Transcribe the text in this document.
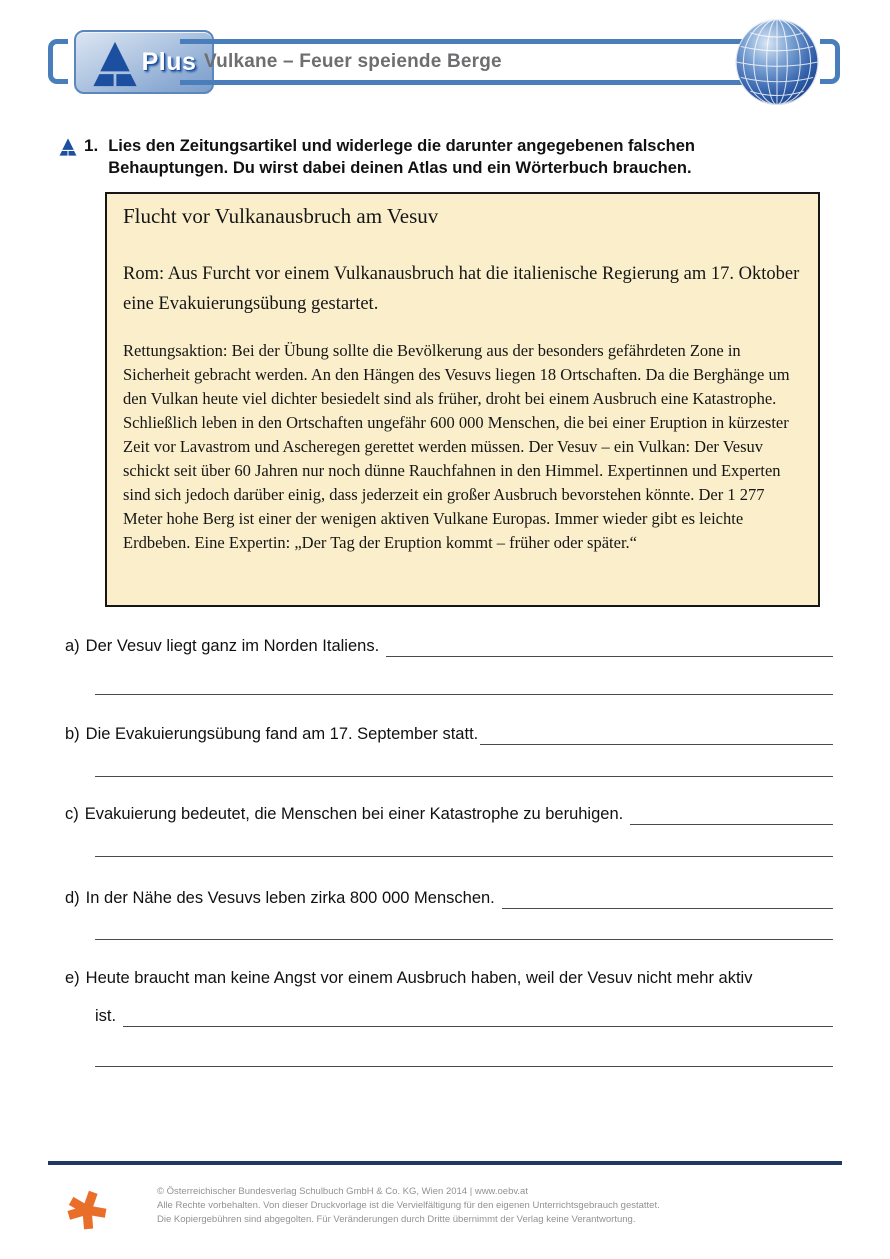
Plus Vulkane – Feuer speiende Berge
1. Lies den Zeitungsartikel und widerlege die darunter angegebenen falschen Behauptungen. Du wirst dabei deinen Atlas und ein Wörterbuch brauchen.
Flucht vor Vulkanausbruch am Vesuv
Rom: Aus Furcht vor einem Vulkanausbruch hat die italienische Regierung am 17. Oktober eine Evakuierungsübung gestartet.
Rettungsaktion: Bei der Übung sollte die Bevölkerung aus der besonders gefährdeten Zone in Sicherheit gebracht werden. An den Hängen des Vesuvs liegen 18 Ortschaften. Da die Berghänge um den Vulkan heute viel dichter besiedelt sind als früher, droht bei einem Ausbruch eine Katastrophe. Schließlich leben in den Ortschaften ungefähr 600 000 Menschen, die bei einer Eruption in kürzester Zeit vor Lavastrom und Ascheregen gerettet werden müssen. Der Vesuv – ein Vulkan: Der Vesuv schickt seit über 60 Jahren nur noch dünne Rauchfahnen in den Himmel. Expertinnen und Experten sind sich jedoch darüber einig, dass jederzeit ein großer Ausbruch bevorstehen könnte. Der 1 277 Meter hohe Berg ist einer der wenigen aktiven Vulkane Europas. Immer wieder gibt es leichte Erdbeben. Eine Expertin: „Der Tag der Eruption kommt – früher oder später.“
a) Der Vesuv liegt ganz im Norden Italiens.
b) Die Evakuierungsübung fand am 17. September statt.
c) Evakuierung bedeutet, die Menschen bei einer Katastrophe zu beruhigen.
d) In der Nähe des Vesuvs leben zirka 800 000 Menschen.
e) Heute braucht man keine Angst vor einem Ausbruch haben, weil der Vesuv nicht mehr aktiv
ist.
© Österreichischer Bundesverlag Schulbuch GmbH & Co. KG, Wien 2014 | www.oebv.at
Alle Rechte vorbehalten. Von dieser Druckvorlage ist die Vervielfältigung für den eigenen Unterrichtsgebrauch gestattet.
Die Kopiergebühren sind abgegolten. Für Veränderungen durch Dritte übernimmt der Verlag keine Verantwortung.
